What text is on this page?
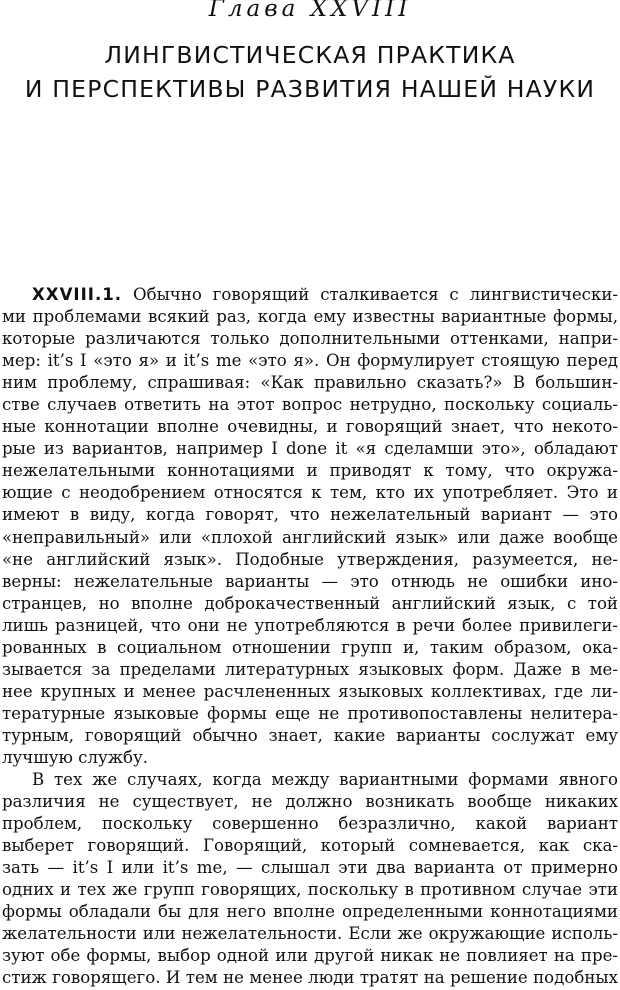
Глава XXVIII
ЛИНГВИСТИЧЕСКАЯ ПРАКТИКА
И ПЕРСПЕКТИВЫ РАЗВИТИЯ НАШЕЙ НАУКИ
XXVIII.1. Обычно говорящий сталкивается с лингвистически-
ми проблемами всякий раз, когда ему известны вариантные формы,
которые различаются только дополнительными оттенками, напри-
мер: it’s I «это я» и it’s me «это я». Он формулирует стоящую перед
ним проблему, спрашивая: «Как правильно сказать?» В большин-
стве случаев ответить на этот вопрос нетрудно, поскольку социаль-
ные коннотации вполне очевидны, и говорящий знает, что некото-
рые из вариантов, например I done it «я сделамши это», обладают
нежелательными коннотациями и приводят к тому, что окружа-
ющие с неодобрением относятся к тем, кто их употребляет. Это и
имеют в виду, когда говорят, что нежелательный вариант — это
«неправильный» или «плохой английский язык» или даже вообще
«не английский язык». Подобные утверждения, разумеется, не-
верны: нежелательные варианты — это отнюдь не ошибки ино-
странцев, но вполне доброкачественный английский язык, с той
лишь разницей, что они не употребляются в речи более привилеги-
рованных в социальном отношении групп и, таким образом, ока-
зывается за пределами литературных языковых форм. Даже в ме-
нее крупных и менее расчлененных языковых коллективах, где ли-
тературные языковые формы еще не противопоставлены нелитера-
турным, говорящий обычно знает, какие варианты сослужат ему
лучшую службу.
В тех же случаях, когда между вариантными формами явного
различия не существует, не должно возникать вообще никаких
проблем, поскольку совершенно безразлично, какой вариант
выберет говорящий. Говорящий, который сомневается, как ска-
зать — it’s I или it’s me, — слышал эти два варианта от примерно
одних и тех же групп говорящих, поскольку в противном случае эти
формы обладали бы для него вполне определенными коннотациями
желательности или нежелательности. Если же окружающие исполь-
зуют обе формы, выбор одной или другой никак не повлияет на пре-
стиж говорящего. И тем не менее люди тратят на решение подобных
